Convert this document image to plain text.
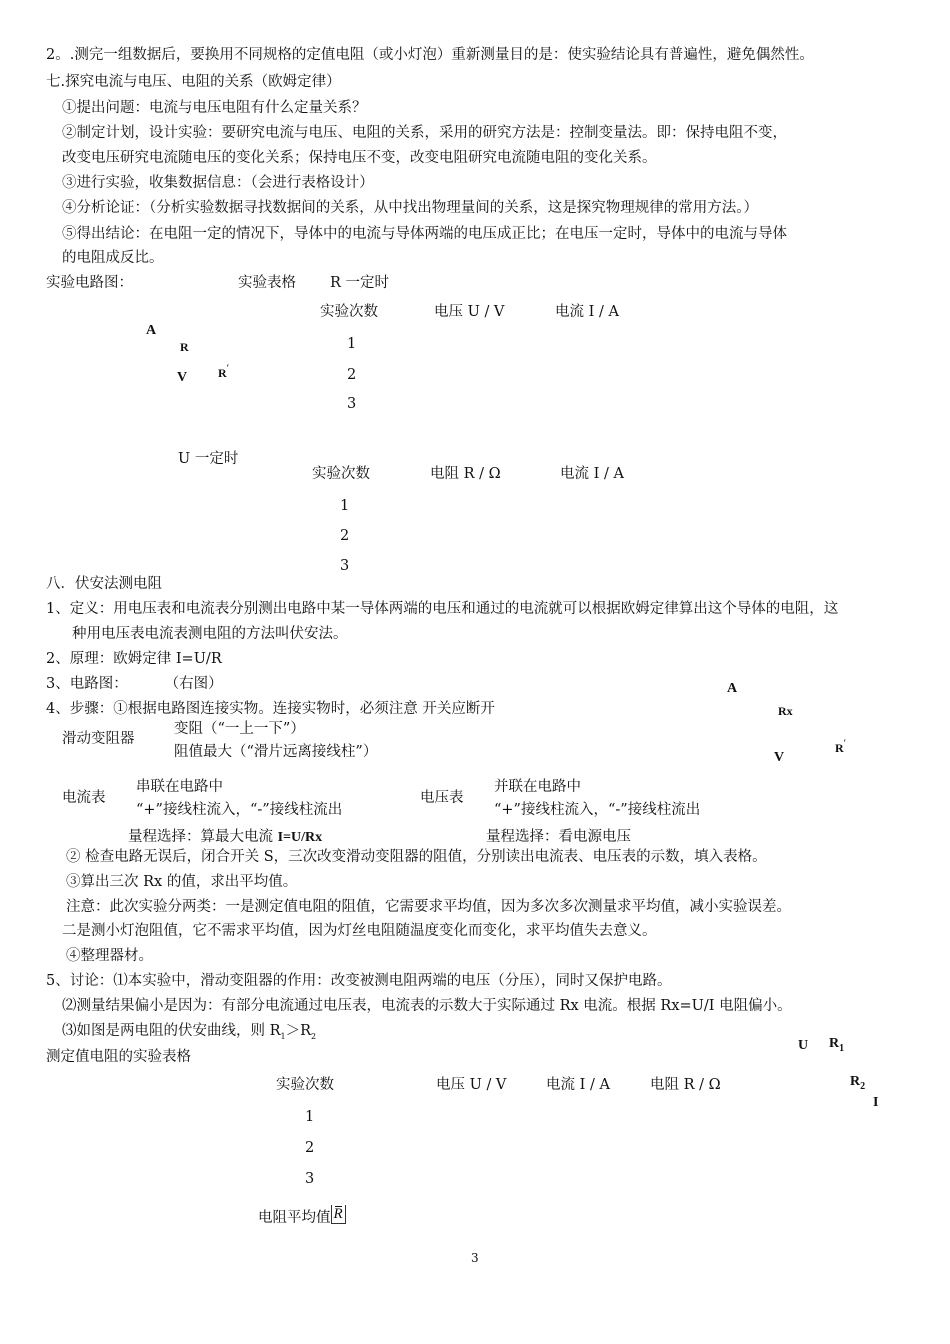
2。.测完一组数据后，要换用不同规格的定值电阻（或小灯泡）重新测量目的是：使实验结论具有普遍性，避免偶然性。
七.探究电流与电压、电阻的关系（欧姆定律）
①提出问题：电流与电压电阻有什么定量关系？
②制定计划，设计实验：要研究电流与电压、电阻的关系，采用的研究方法是：控制变量法。即：保持电阻不变，
改变电压研究电流随电压的变化关系；保持电压不变，改变电阻研究电流随电阻的变化关系。
③进行实验，收集数据信息：（会进行表格设计）
④分析论证：（分析实验数据寻找数据间的关系，从中找出物理量间的关系，这是探究物理规律的常用方法。）
⑤得出结论：在电阻一定的情况下，导体中的电流与导体两端的电压成正比；在电压一定时，导体中的电流与导体
的电阻成反比。
实验电路图：	实验表格 R 一定时
A
R
V	R′
实验次数	电压 U / V	电流 I / A
1
2
3
U 一定时
实验次数	电阻 R / Ω	电流 I / A
1
2
3
八．伏安法测电阻
1、定义：用电压表和电流表分别测出电路中某一导体两端的电压和通过的电流就可以根据欧姆定律算出这个导体的电阻，这
种用电压表电流表测电阻的方法叫伏安法。
2、原理：欧姆定律 I=U/R
3、电路图：        （右图）
4、步骤：①根据电路图连接实物。连接实物时，必须注意 开关应断开
A
Rx
V
R′
滑动变阻器
变阻（“一上一下”）
阻值最大（“滑片远离接线柱”）
电流表
串联在电路中
“+”接线柱流入，“-”接线柱流出
电压表
并联在电路中
“+”接线柱流入，“-”接线柱流出
量程选择：算最大电流 I=U/Rx	量程选择：看电源电压
② 检查电路无误后，闭合开关 S，三次改变滑动变阻器的阻值，分别读出电流表、电压表的示数，填入表格。
③算出三次 Rx 的值，求出平均值。
注意：此次实验分两类：一是测定值电阻的阻值，它需要求平均值，因为多次多次测量求平均值，减小实验误差。
二是测小灯泡阻值，它不需求平均值，因为灯丝电阻随温度变化而变化，求平均值失去意义。
④整理器材。
5、讨论：⑴本实验中，滑动变阻器的作用：改变被测电阻两端的电压（分压），同时又保护电路。
⑵测量结果偏小是因为：有部分电流通过电压表，电流表的示数大于实际通过 Rx 电流。根据 Rx=U/I 电阻偏小。
⑶如图是两电阻的伏安曲线，则 $R_1>R_2$
U $R_1$
$R_2$
I
测定值电阻的实验表格
实验次数	电压 U / V	电流 I / A	电阻 R / Ω
1
2
3
电阻平均值 R
3
